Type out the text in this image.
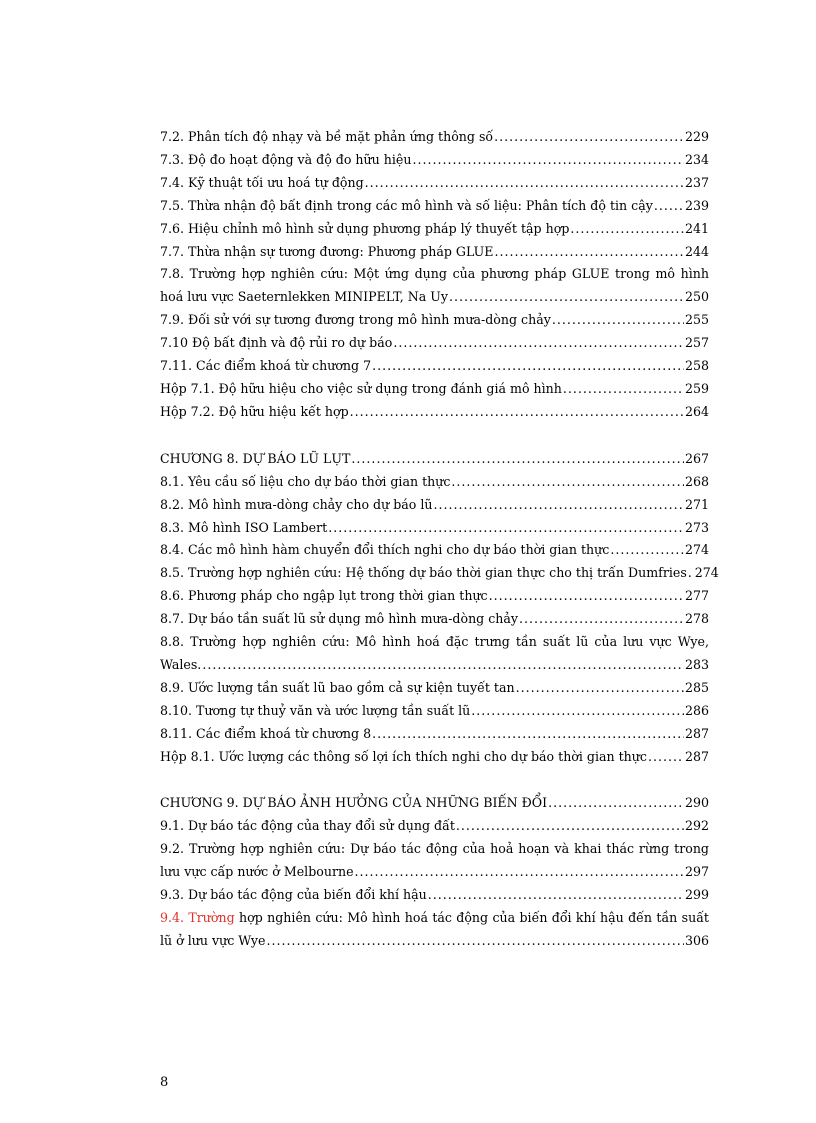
7.2. Phân tích độ nhạy và bề mặt phản ứng thông số .....	229
7.3. Độ đo hoạt động và độ đo hữu hiệu .....	234
7.4. Kỹ thuật tối ưu hoá tự động .....	237
7.5. Thừa nhận độ bất định trong các mô hình và số liệu: Phân tích độ tin cậy .....	239
7.6. Hiệu chỉnh mô hình sử dụng phương pháp lý thuyết tập hợp .....	241
7.7. Thừa nhận sự tương đương: Phương pháp GLUE .....	244
7.8. Trường hợp nghiên cứu: Một ứng dụng của phương pháp GLUE trong mô hình
hoá lưu vực Saeternlekken MINIPELT, Na Uy .....	250
7.9. Đối sử với sự tương đương trong mô hình mưa-dòng chảy .....	255
7.10 Độ bất định và độ rủi ro dự báo .....	257
7.11. Các điểm khoá từ chương 7 .....	258
Hộp 7.1. Độ hữu hiệu cho việc sử dụng trong đánh giá mô hình .....	259
Hộp 7.2. Độ hữu hiệu kết hợp .....	264
CHƯƠNG 8. DỰ BÁO LŨ LỤT .....	267
8.1. Yêu cầu số liệu cho dự báo thời gian thực .....	268
8.2. Mô hình mưa-dòng chảy cho dự báo lũ .....	271
8.3. Mô hình ISO Lambert .....	273
8.4. Các mô hình hàm chuyển đổi thích nghi cho dự báo thời gian thực .....	274
8.5. Trường hợp nghiên cứu: Hệ thống dự báo thời gian thực cho thị trấn Dumfries ..... 274
8.6. Phương pháp cho ngập lụt trong thời gian thực .....	277
8.7. Dự báo tần suất lũ sử dụng mô hình mưa-dòng chảy .....	278
8.8. Trường hợp nghiên cứu: Mô hình hoá đặc trưng tần suất lũ của lưu vực Wye,
Wales. .....	283
8.9. Ước lượng tần suất lũ bao gồm cả sự kiện tuyết tan .....	285
8.10. Tương tự thuỷ văn và ước lượng tần suất lũ .....	286
8.11. Các điểm khoá từ chương 8 .....	287
Hộp 8.1. Ước lượng các thông số lợi ích thích nghi cho dự báo thời gian thực .....	287
CHƯƠNG 9. DỰ BÁO ẢNH HƯỞNG CỦA NHỮNG BIẾN ĐỔI .....	290
9.1. Dự báo tác động của thay đổi sử dụng đất .....	292
9.2. Trường hợp nghiên cứu: Dự báo tác động của hoả hoạn và khai thác rừng trong
lưu vực cấp nước ở Melbourne .....	297
9.3. Dự báo tác động của biến đổi khí hậu .....	299
9.4. Trường hợp nghiên cứu: Mô hình hoá tác động của biến đổi khí hậu đến tần suất
lũ ở lưu vực Wye .....	306
8
